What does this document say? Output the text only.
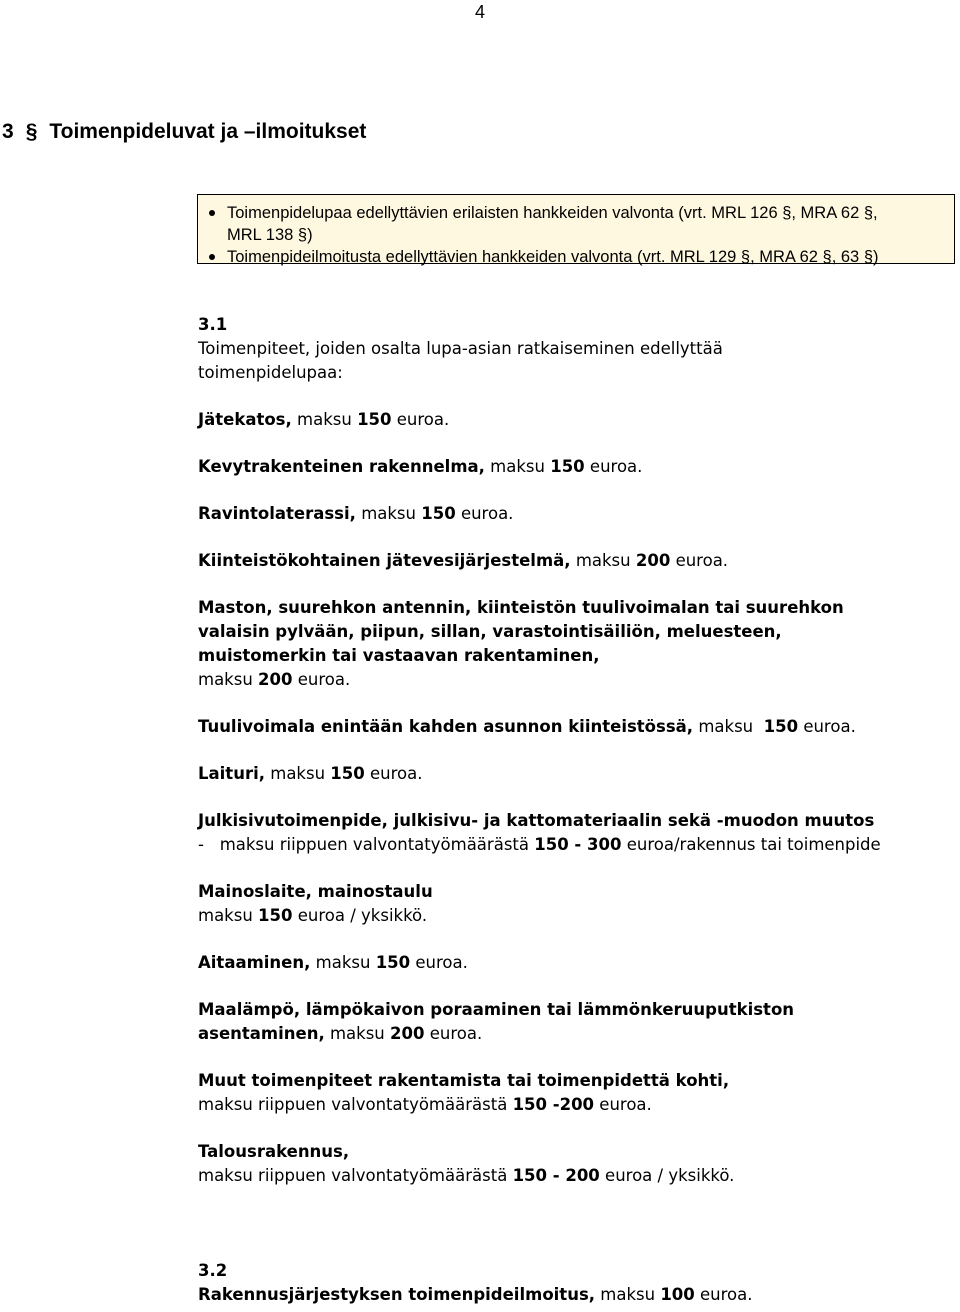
4
3 § Toimenpideluvat ja –ilmoitukset
Toimenpidelupaa edellyttävien erilaisten hankkeiden valvonta (vrt. MRL 126 §, MRA 62 §,
MRL 138 §)
Toimenpideilmoitusta edellyttävien hankkeiden valvonta (vrt. MRL 129 §, MRA 62 §, 63 §)

3.1

Toimenpiteet, joiden osalta lupa-asian ratkaiseminen edellyttää

toimenpidelupaa:

Jätekatos, maksu 150 euroa.

Kevytrakenteinen rakennelma, maksu 150 euroa.

Ravintolaterassi, maksu 150 euroa.

Kiinteistökohtainen jätevesijärjestelmä, maksu 200 euroa.

Maston, suurehkon antennin, kiinteistön tuulivoimalan tai suurehkon

valaisin pylvään, piipun, sillan, varastointisäiliön, meluesteen,

muistomerkin tai vastaavan rakentaminen,

maksu 200 euroa.

Tuulivoimala enintään kahden asunnon kiinteistössä, maksu 150 euroa.

Laituri, maksu 150 euroa.

Julkisivutoimenpide, julkisivu- ja kattomateriaalin sekä -muodon muutos

-   maksu riippuen valvontatyömäärästä 150 - 300 euroa/rakennus tai toimenpide

Mainoslaite, mainostaulu

maksu 150 euroa / yksikkö.

Aitaaminen, maksu 150 euroa.

Maalämpö, lämpökaivon poraaminen tai lämmönkeruuputkiston

asentaminen, maksu 200 euroa.

Muut toimenpiteet rakentamista tai toimenpidettä kohti,

maksu riippuen valvontatyömäärästä 150 -200 euroa.

Talousrakennus,

maksu riippuen valvontatyömäärästä 150 - 200 euroa / yksikkö.

3.2

Rakennusjärjestyksen toimenpideilmoitus, maksu 100 euroa.
